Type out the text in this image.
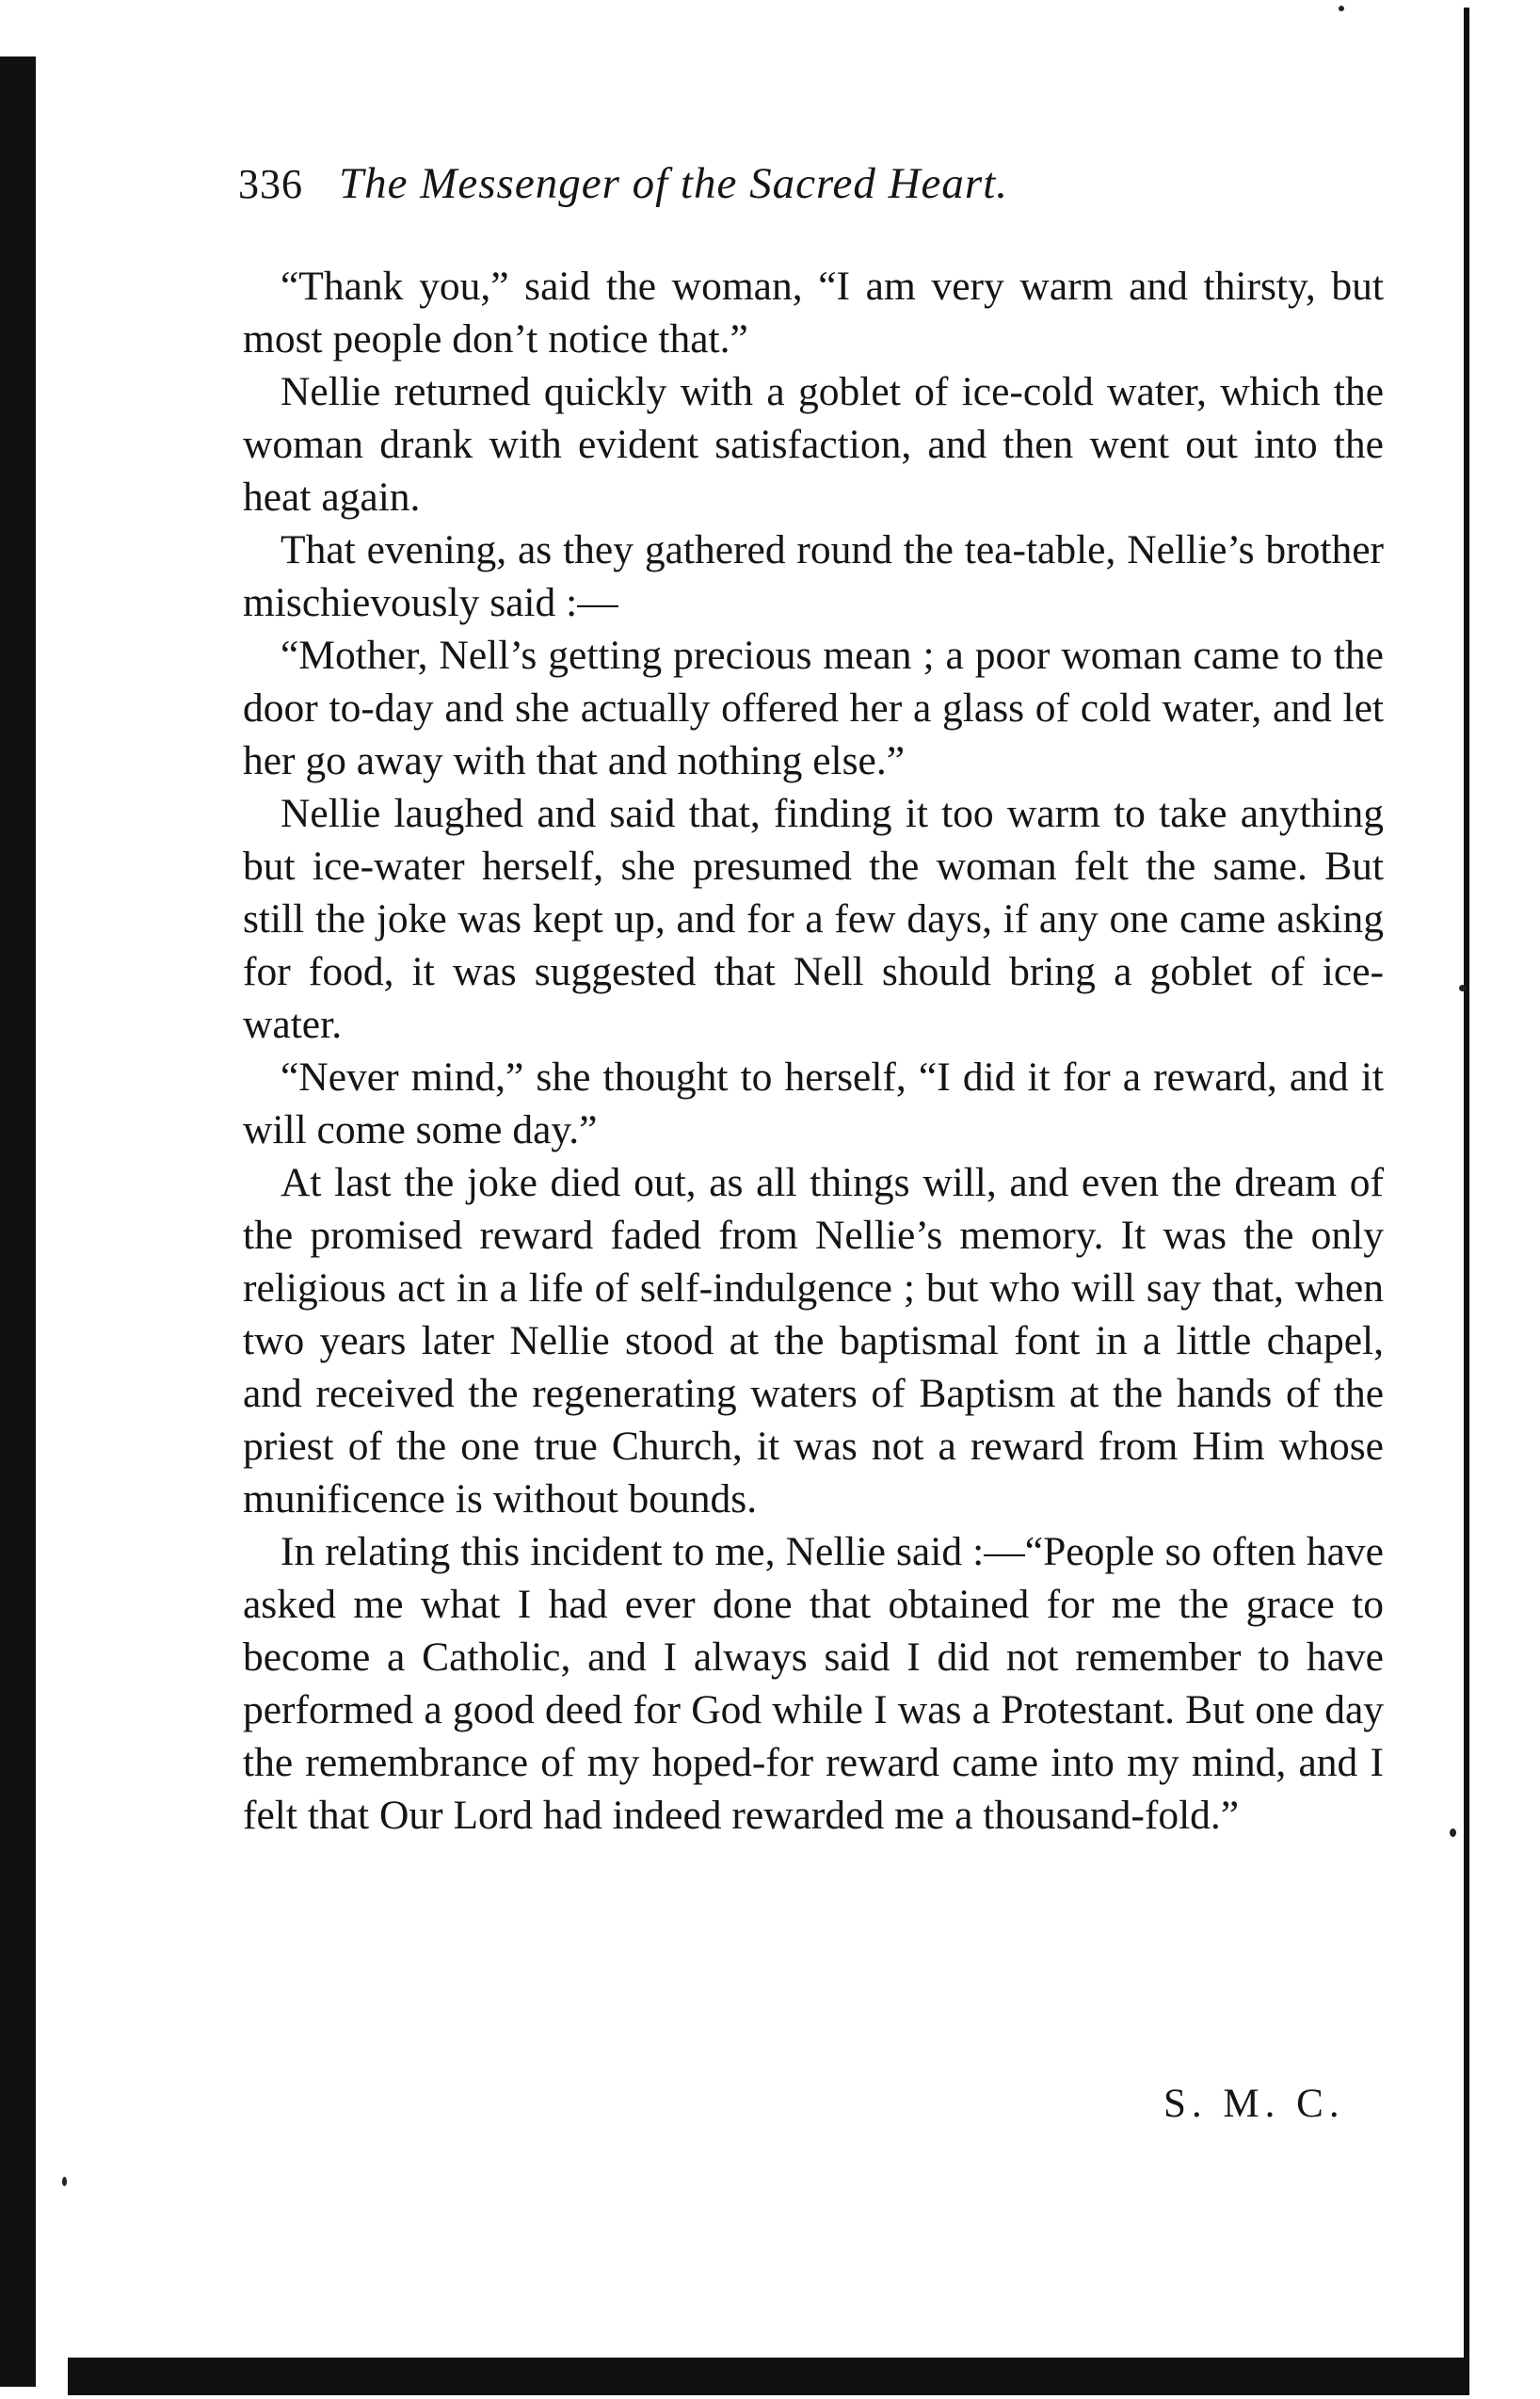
336 The Messenger of the Sacred Heart.

“Thank you,” said the woman, “I am very warm and thirsty, but most people don’t notice that.”

Nellie returned quickly with a goblet of ice-cold water, which the woman drank with evident satisfaction, and then went out into the heat again.

That evening, as they gathered round the tea-table, Nellie’s brother mischievously said :—

“Mother, Nell’s getting precious mean ; a poor woman came to the door to-day and she actually offered her a glass of cold water, and let her go away with that and nothing else.”

Nellie laughed and said that, finding it too warm to take anything but ice-water herself, she presumed the woman felt the same. But still the joke was kept up, and for a few days, if any one came asking for food, it was suggested that Nell should bring a goblet of ice-water.

“Never mind,” she thought to herself, “I did it for a reward, and it will come some day.”

At last the joke died out, as all things will, and even the dream of the promised reward faded from Nellie’s memory. It was the only religious act in a life of self-indulgence ; but who will say that, when two years later Nellie stood at the baptismal font in a little chapel, and received the regenerating waters of Baptism at the hands of the priest of the one true Church, it was not a reward from Him whose munificence is without bounds.

In relating this incident to me, Nellie said :—“People so often have asked me what I had ever done that obtained for me the grace to become a Catholic, and I always said I did not remember to have performed a good deed for God while I was a Protestant. But one day the remembrance of my hoped-for reward came into my mind, and I felt that Our Lord had indeed rewarded me a thousand-fold.”

S. M. C.
